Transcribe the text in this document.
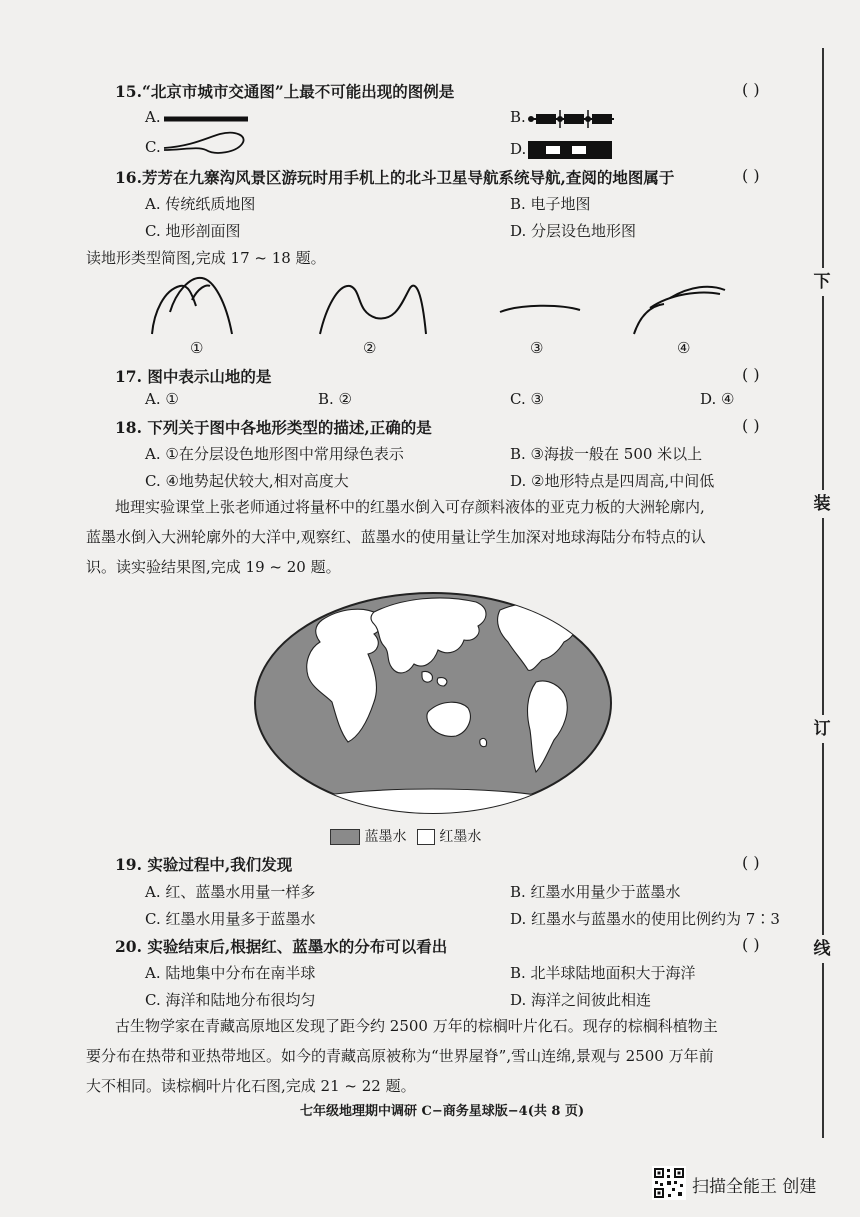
下
装
订
线
15.“北京市城市交通图”上最不可能出现的图例是	( )
A.	B.
C.	D.
16.芳芳在九寨沟风景区游玩时用手机上的北斗卫星导航系统导航,查阅的地图属于	( )
A. 传统纸质地图	B. 电子地图
C. 地形剖面图	D. 分层设色地形图
读地形类型简图,完成 17 ~ 18 题。
①	②	③	④
17. 图中表示山地的是	( )
A. ①	B. ②	C. ③	D. ④
18. 下列关于图中各地形类型的描述,正确的是	( )
A. ①在分层设色地形图中常用绿色表示	B. ③海拔一般在 500 米以上
C. ④地势起伏较大,相对高度大	D. ②地形特点是四周高,中间低
地理实验课堂上张老师通过将量杯中的红墨水倒入可存颜料液体的亚克力板的大洲轮廓内,
蓝墨水倒入大洲轮廓外的大洋中,观察红、蓝墨水的使用量让学生加深对地球海陆分布特点的认
识。读实验结果图,完成 19 ~ 20 题。
蓝墨水 红墨水
19. 实验过程中,我们发现	( )
A. 红、蓝墨水用量一样多	B. 红墨水用量少于蓝墨水
C. 红墨水用量多于蓝墨水	D. 红墨水与蓝墨水的使用比例约为 7∶3
20. 实验结束后,根据红、蓝墨水的分布可以看出	( )
A. 陆地集中分布在南半球	B. 北半球陆地面积大于海洋
C. 海洋和陆地分布很均匀	D. 海洋之间彼此相连
古生物学家在青藏高原地区发现了距今约 2500 万年的棕榈叶片化石。现存的棕榈科植物主
要分布在热带和亚热带地区。如今的青藏高原被称为“世界屋脊”,雪山连绵,景观与 2500 万年前
大不相同。读棕榈叶片化石图,完成 21 ~ 22 题。
七年级地理期中调研 C−商务星球版−4(共 8 页)
扫描全能王 创建
